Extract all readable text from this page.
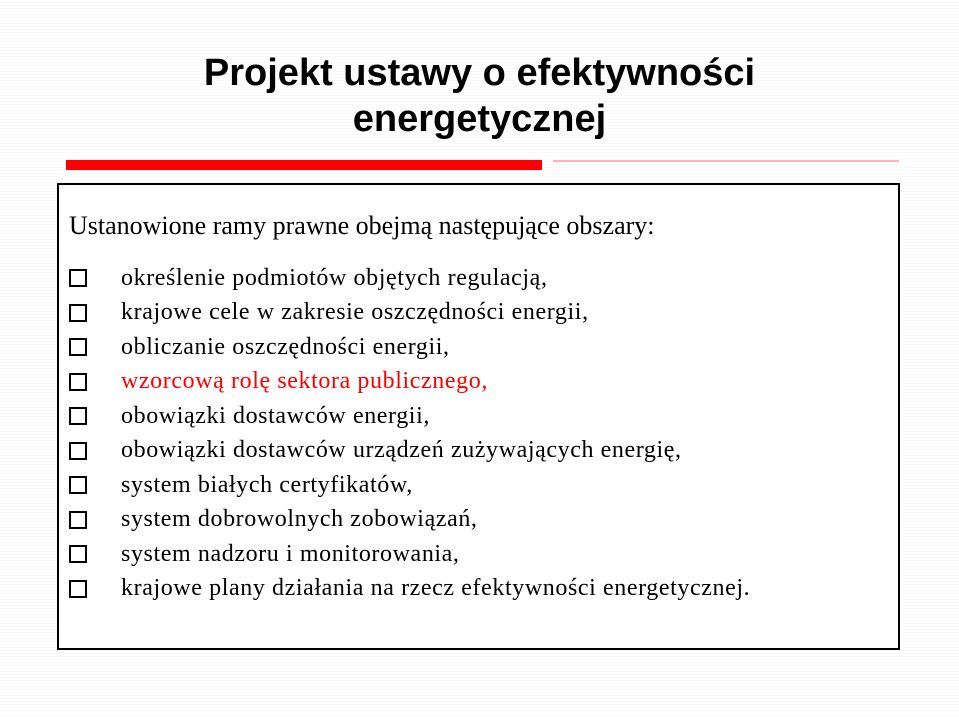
Projekt ustawy o efektywności
energetycznej
Ustanowione ramy prawne obejmą następujące obszary:
określenie podmiotów objętych regulacją,
krajowe cele w zakresie oszczędności energii,
obliczanie oszczędności energii,
wzorcową rolę sektora publicznego,
obowiązki dostawców energii,
obowiązki dostawców urządzeń zużywających energię,
system białych certyfikatów,
system dobrowolnych zobowiązań,
system nadzoru i monitorowania,
krajowe plany działania na rzecz efektywności energetycznej.
